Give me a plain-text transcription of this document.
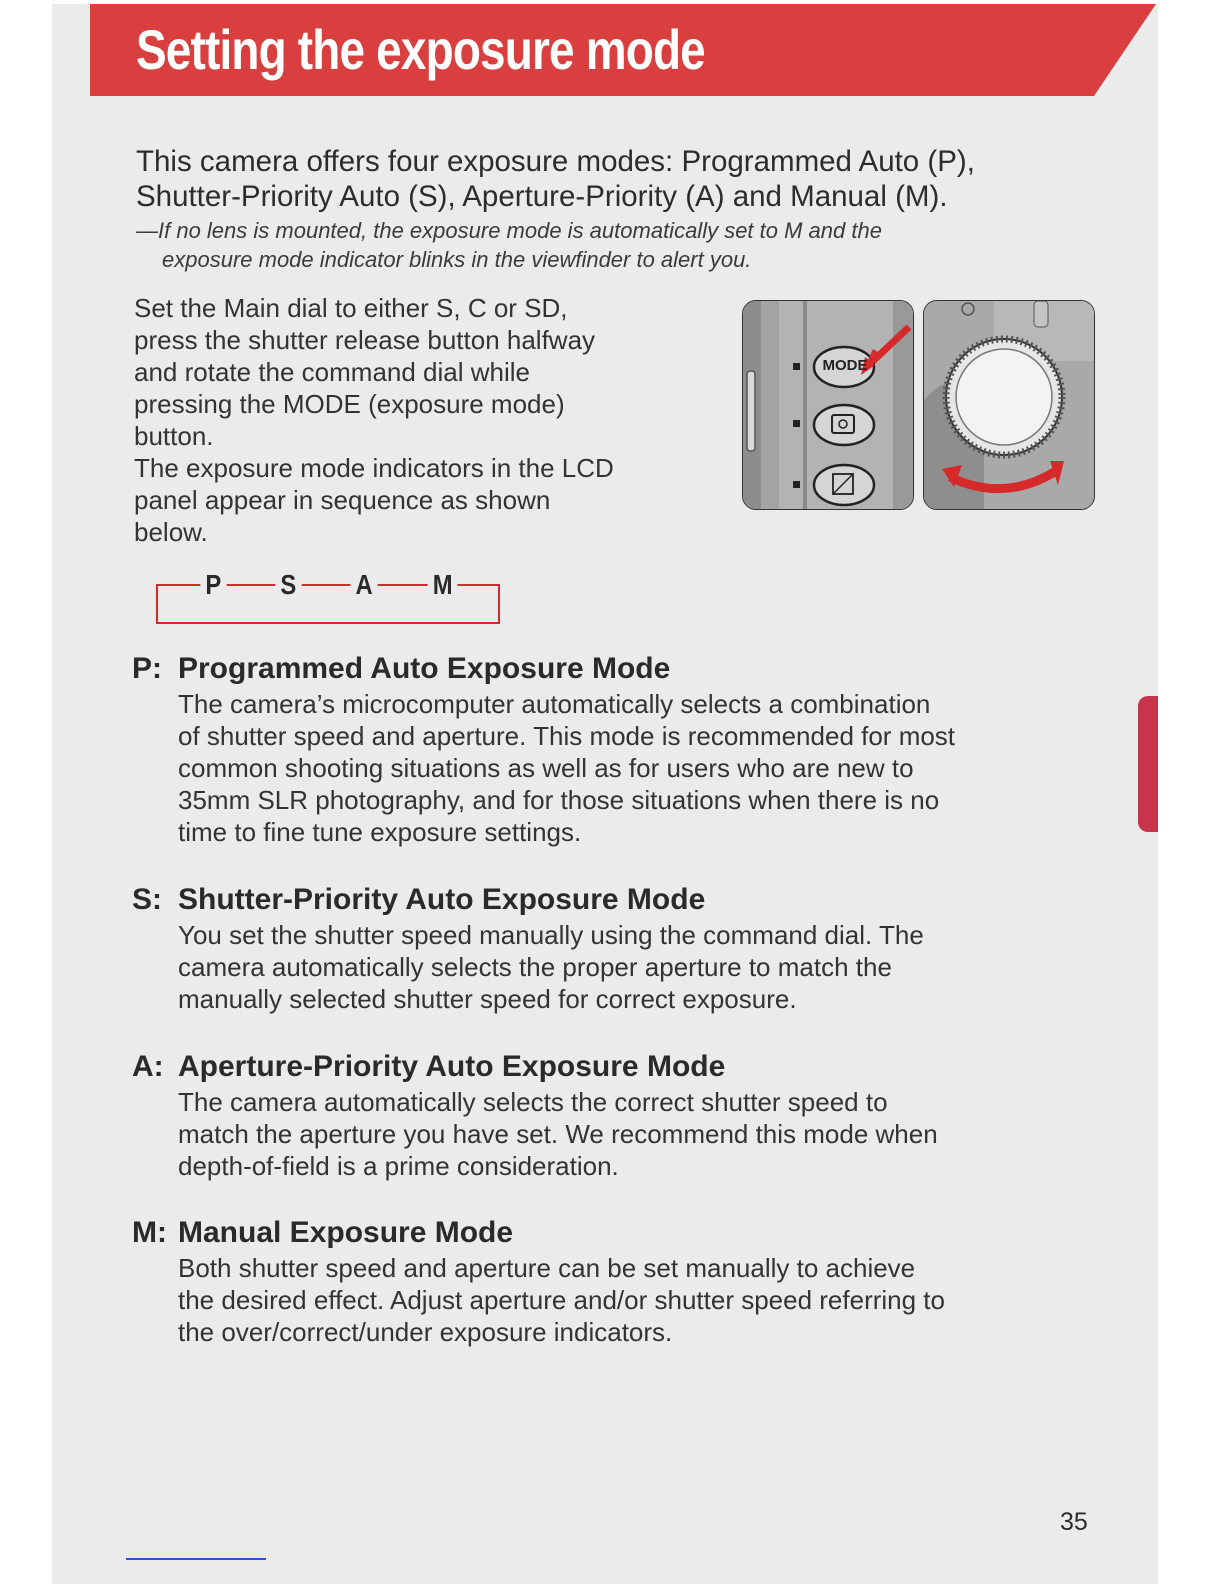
Setting the exposure mode

This camera offers four exposure modes: Programmed Auto (P),
Shutter-Priority Auto (S), Aperture-Priority (A) and Manual (M).

—If no lens is mounted, the exposure mode is automatically set to M and the
exposure mode indicator blinks in the viewfinder to alert you.

Set the Main dial to either S, C or SD,
press the shutter release button halfway
and rotate the command dial while
pressing the MODE (exposure mode)
button.
The exposure mode indicators in the LCD
panel appear in sequence as shown
below.

MODE
P S A M

P: Programmed Auto Exposure Mode

The camera’s microcomputer automatically selects a combination
of shutter speed and aperture. This mode is recommended for most
common shooting situations as well as for users who are new to
35mm SLR photography, and for those situations when there is no
time to fine tune exposure settings.

S: Shutter-Priority Auto Exposure Mode

You set the shutter speed manually using the command dial. The
camera automatically selects the proper aperture to match the
manually selected shutter speed for correct exposure.

A: Aperture-Priority Auto Exposure Mode

The camera automatically selects the correct shutter speed to
match the aperture you have set. We recommend this mode when
depth-of-field is a prime consideration.

M: Manual Exposure Mode

Both shutter speed and aperture can be set manually to achieve
the desired effect. Adjust aperture and/or shutter speed referring to
the over/correct/under exposure indicators.

35
